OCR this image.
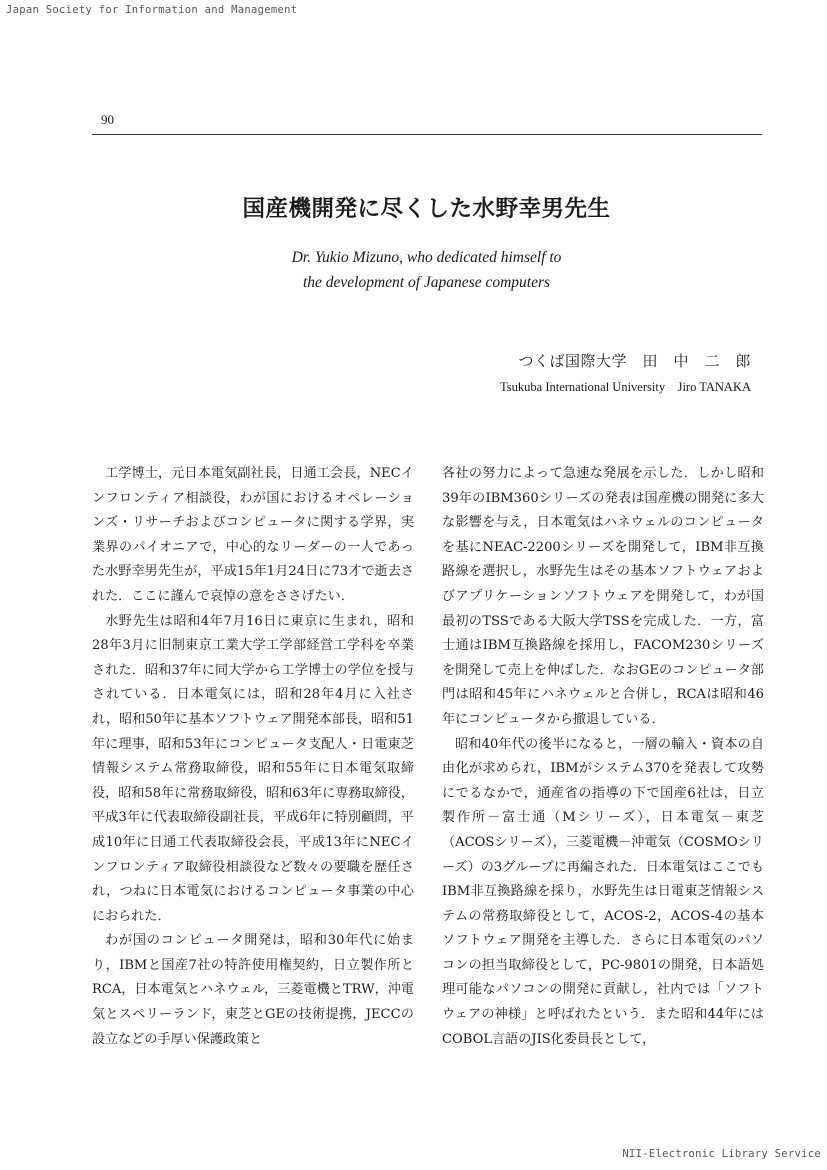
Japan Society for Information and Management
90
国産機開発に尽くした水野幸男先生
Dr. Yukio Mizuno, who dedicated himself to
the development of Japanese computers
つくば国際大学　田　中　二　郎
Tsukuba International University　Jiro TANAKA

工学博士，元日本電気副社長，日通工会長，NECインフロンティア相談役，わが国におけるオペレーションズ・リサーチおよびコンピュータに関する学界，実業界のパイオニアで，中心的なリーダーの一人であった水野幸男先生が，平成15年1月24日に73才で逝去された．ここに謹んで哀悼の意をささげたい．

水野先生は昭和4年7月16日に東京に生まれ，昭和28年3月に旧制東京工業大学工学部経営工学科を卒業された．昭和37年に同大学から工学博士の学位を授与されている．日本電気には，昭和28年4月に入社され，昭和50年に基本ソフトウェア開発本部長，昭和51年に理事，昭和53年にコンピュータ支配人・日電東芝情報システム常務取締役，昭和55年に日本電気取締役，昭和58年に常務取締役，昭和63年に専務取締役，平成3年に代表取締役副社長，平成6年に特別顧問，平成10年に日通工代表取締役会長，平成13年にNECインフロンティア取締役相談役など数々の要職を歴任され，つねに日本電気におけるコンピュータ事業の中心におられた．

わが国のコンピュータ開発は，昭和30年代に始まり，IBMと国産7社の特許使用権契約，日立製作所とRCA，日本電気とハネウェル，三菱電機とTRW，沖電気とスペリーランド，東芝とGEの技術提携，JECCの設立などの手厚い保護政策と

各社の努力によって急速な発展を示した．しかし昭和39年のIBM360シリーズの発表は国産機の開発に多大な影響を与え，日本電気はハネウェルのコンピュータを基にNEAC-2200シリーズを開発して，IBM非互換路線を選択し，水野先生はその基本ソフトウェアおよびアプリケーションソフトウェアを開発して，わが国最初のTSSである大阪大学TSSを完成した．一方，富士通はIBM互換路線を採用し，FACOM230シリーズを開発して売上を伸ばした．なおGEのコンピュータ部門は昭和45年にハネウェルと合併し，RCAは昭和46年にコンピュータから撤退している．

昭和40年代の後半になると，一層の輸入・資本の自由化が求められ，IBMがシステム370を発表して攻勢にでるなかで，通産省の指導の下で国産6社は，日立製作所－富士通（Mシリーズ），日本電気－東芝（ACOSシリーズ），三菱電機－沖電気（COSMOシリーズ）の3グループに再編された．日本電気はここでもIBM非互換路線を採り，水野先生は日電東芝情報システムの常務取締役として，ACOS-2，ACOS-4の基本ソフトウェア開発を主導した．さらに日本電気のパソコンの担当取締役として，PC-9801の開発，日本語処理可能なパソコンの開発に貢献し，社内では「ソフトウェアの神様」と呼ばれたという．また昭和44年にはCOBOL言語のJIS化委員長として，

NII-Electronic Library Service
